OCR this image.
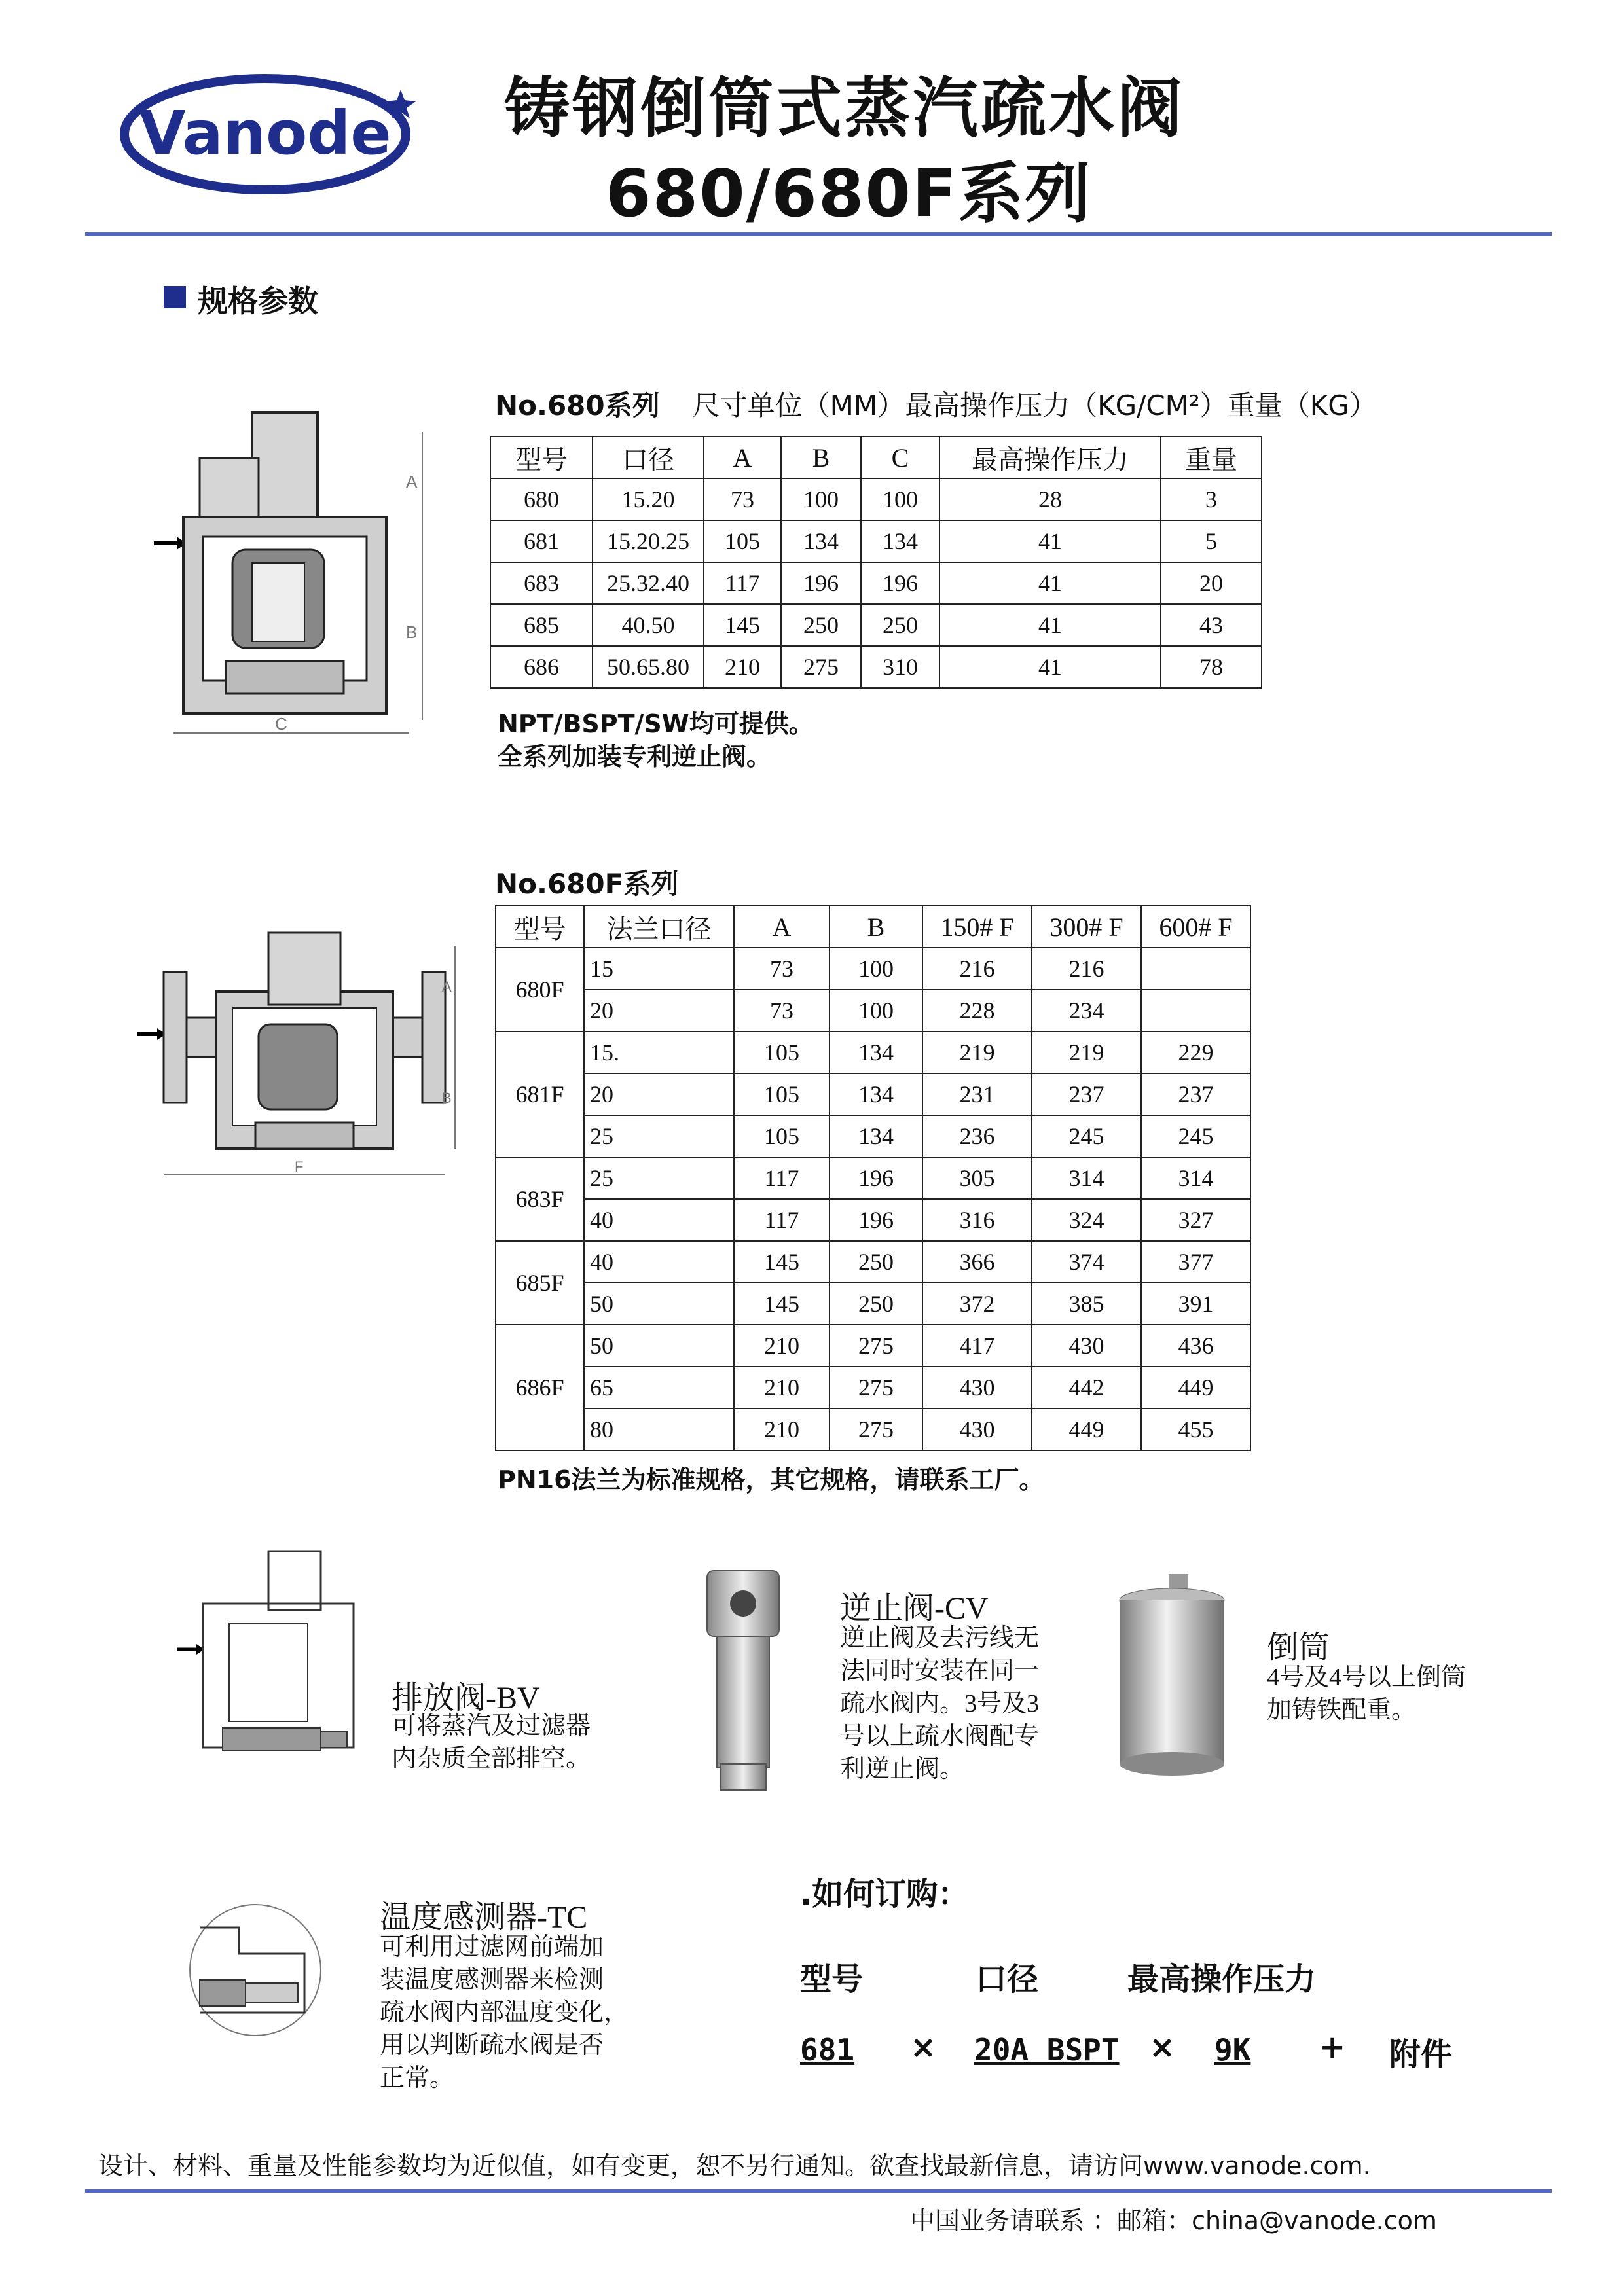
Vanode 铸钢倒筒式蒸汽疏水阀
680/680F系列
规格参数
A
B
C
No.680系列 尺寸单位（MM）最高操作压力（KG/CM²）重量（KG）
型号	口径	A	B	C	最高操作压力	重量
680	15.20	73	100	100	28	3
681	15.20.25	105	134	134	41	5
683	25.32.40	117	196	196	41	20
685	40.50	145	250	250	41	43
686	50.65.80	210	275	310	41	78
NPT/BSPT/SW均可提供。
全系列加装专利逆止阀。
No.680F系列
A
B
F
型号	法兰口径	A	B	150# F	300# F	600# F
680F	15	73	100	216	216	
	20	73	100	228	234	
681F	15.	105	134	219	219	229
	20	105	134	231	237	237
	25	105	134	236	245	245
683F	25	117	196	305	314	314
	40	117	196	316	324	327
685F	40	145	250	366	374	377
	50	145	250	372	385	391
686F	50	210	275	417	430	436
	65	210	275	430	442	449
	80	210	275	430	449	455
PN16法兰为标准规格，其它规格，请联系工厂。
排放阀-BV
可将蒸汽及过滤器
内杂质全部排空。
逆止阀-CV
逆止阀及去污线无
法同时安装在同一
疏水阀内。3号及3
号以上疏水阀配专
利逆止阀。
倒筒
4号及4号以上倒筒
加铸铁配重。
温度感测器-TC
可利用过滤网前端加
装温度感测器来检测
疏水阀内部温度变化，
用以判断疏水阀是否
正常。
.如何订购：
型号	口径	最高操作压力
681 × 20A BSPT × 9K + 附件
设计、材料、重量及性能参数均为近似值，如有变更，恕不另行通知。欲查找最新信息，请访问www.vanode.com.
中国业务请联系 ：邮箱：china@vanode.com
